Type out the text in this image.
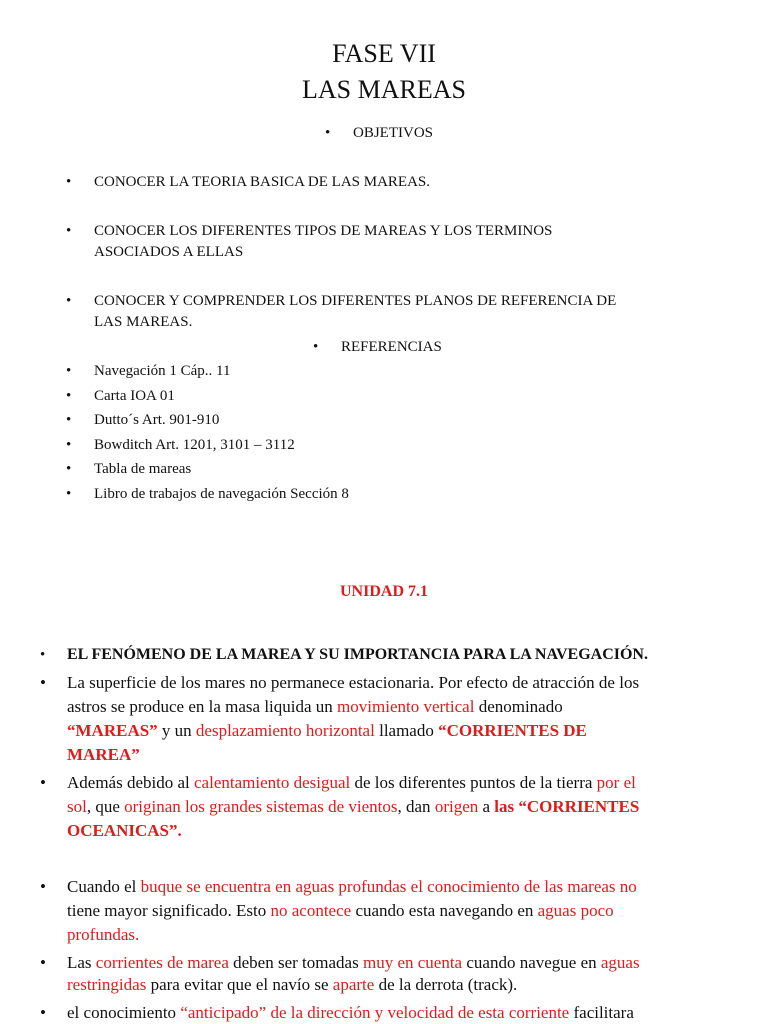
FASE VII
LAS MAREAS
• OBJETIVOS
• CONOCER LA TEORIA BASICA DE LAS MAREAS.
• CONOCER LOS DIFERENTES TIPOS DE MAREAS Y LOS TERMINOS
ASOCIADOS A ELLAS
• CONOCER Y COMPRENDER LOS DIFERENTES PLANOS DE REFERENCIA DE
LAS MAREAS.
• REFERENCIAS
• Navegación 1 Cáp.. 11
• Carta IOA 01
• Dutto´s Art. 901-910
• Bowditch Art. 1201, 3101 – 3112
• Tabla de mareas
• Libro de trabajos de navegación Sección 8
UNIDAD 7.1
• EL FENÓMENO DE LA MAREA Y SU IMPORTANCIA PARA LA NAVEGACIÓN.
• La superficie de los mares no permanece estacionaria. Por efecto de atracción de los
astros se produce en la masa liquida un movimiento vertical denominado
“MAREAS” y un desplazamiento horizontal llamado “CORRIENTES DE
MAREA”
• Además debido al calentamiento desigual de los diferentes puntos de la tierra por el
sol, que originan los grandes sistemas de vientos, dan origen a las “CORRIENTES
OCEANICAS”.
• Cuando el buque se encuentra en aguas profundas el conocimiento de las mareas no
tiene mayor significado. Esto no acontece cuando esta navegando en aguas poco
profundas.
• Las corrientes de marea deben ser tomadas muy en cuenta cuando navegue en aguas
restringidas para evitar que el navío se aparte de la derrota (track).
• el conocimiento “anticipado” de la dirección y velocidad de esta corriente facilitara
